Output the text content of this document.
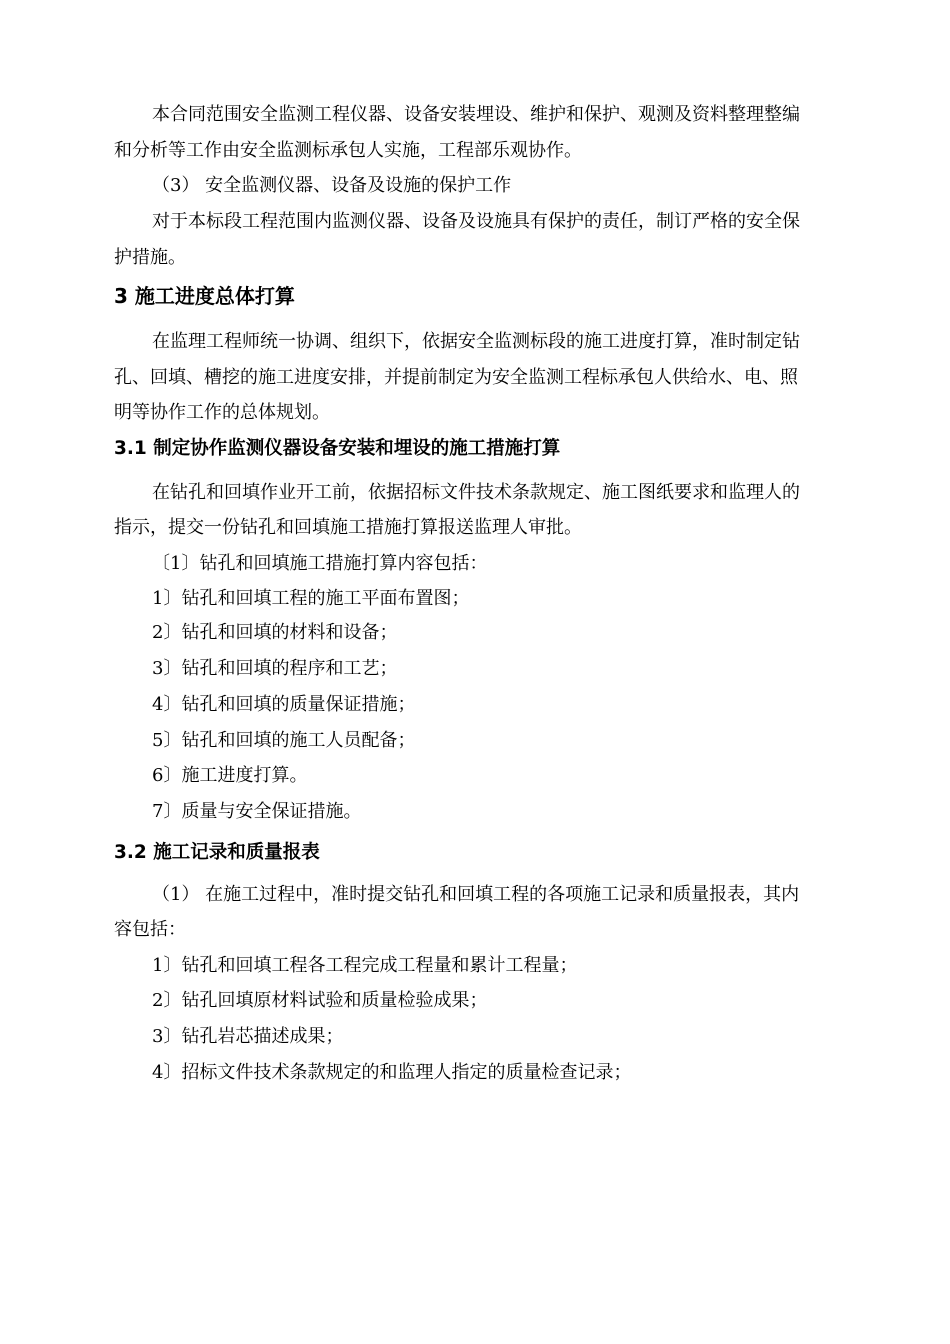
本合同范围安全监测工程仪器、设备安装埋设、维护和保护、观测及资料整理整编
和分析等工作由安全监测标承包人实施，工程部乐观协作。
（3） 安全监测仪器、设备及设施的保护工作
对于本标段工程范围内监测仪器、设备及设施具有保护的责任，制订严格的安全保
护措施。
3 施工进度总体打算
在监理工程师统一协调、组织下，依据安全监测标段的施工进度打算，准时制定钻
孔、回填、槽挖的施工进度安排，并提前制定为安全监测工程标承包人供给水、电、照
明等协作工作的总体规划。
3.1 制定协作监测仪器设备安装和埋设的施工措施打算
在钻孔和回填作业开工前，依据招标文件技术条款规定、施工图纸要求和监理人的
指示，提交一份钻孔和回填施工措施打算报送监理人审批。
〔1〕钻孔和回填施工措施打算内容包括：
1〕钻孔和回填工程的施工平面布置图；
2〕钻孔和回填的材料和设备；
3〕钻孔和回填的程序和工艺；
4〕钻孔和回填的质量保证措施；
5〕钻孔和回填的施工人员配备；
6〕施工进度打算。
7〕质量与安全保证措施。
3.2 施工记录和质量报表
（1） 在施工过程中，准时提交钻孔和回填工程的各项施工记录和质量报表，其内
容包括：
1〕钻孔和回填工程各工程完成工程量和累计工程量；
2〕钻孔回填原材料试验和质量检验成果；
3〕钻孔岩芯描述成果；
4〕招标文件技术条款规定的和监理人指定的质量检查记录；
